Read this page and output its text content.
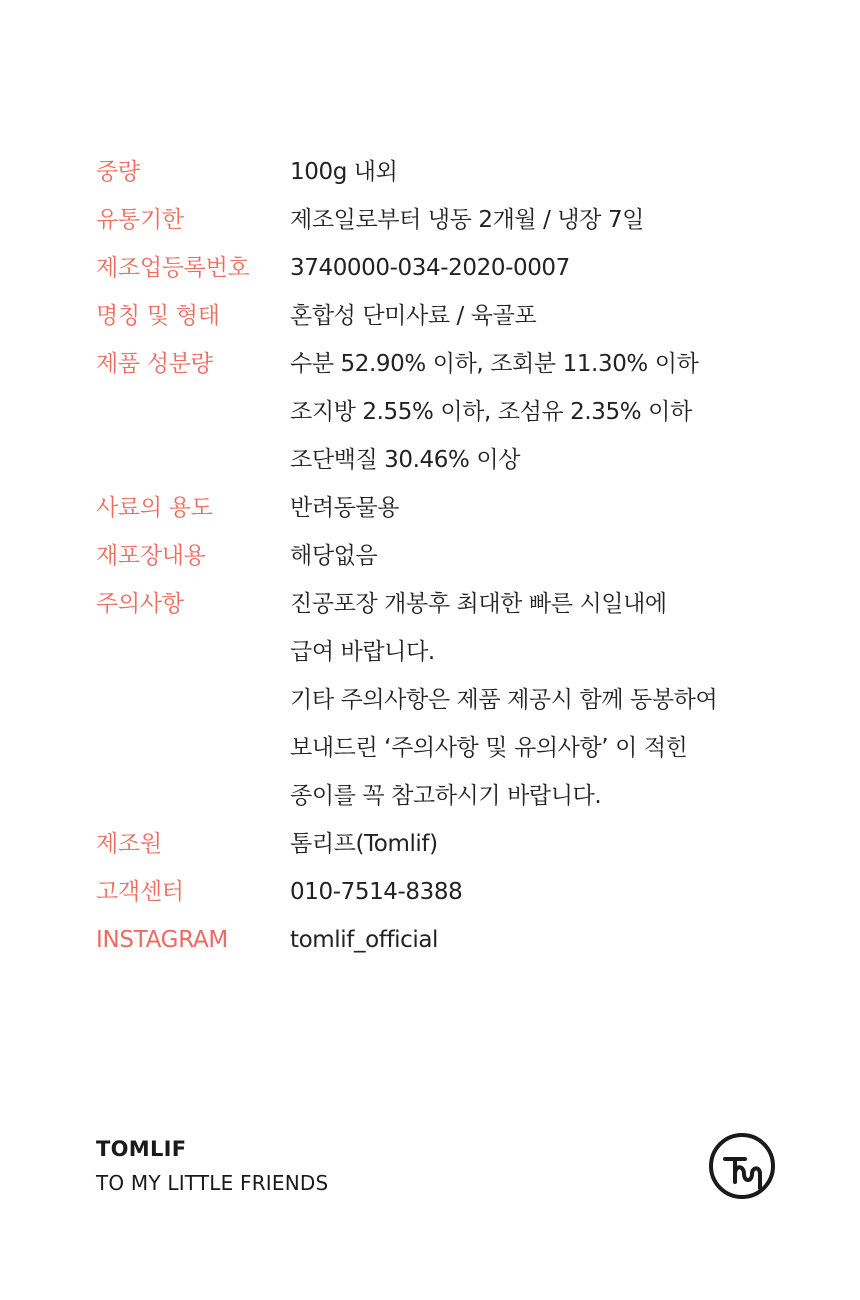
중량	100g 내외
유통기한	제조일로부터 냉동 2개월 / 냉장 7일
제조업등록번호	3740000-034-2020-0007
명칭 및 형태	혼합성 단미사료 / 육골포
제품 성분량	수분 52.90% 이하, 조회분 11.30% 이하
조지방 2.55% 이하, 조섬유 2.35% 이하
조단백질 30.46% 이상
사료의 용도	반려동물용
재포장내용	해당없음
주의사항	진공포장 개봉후 최대한 빠른 시일내에
급여 바랍니다.
기타 주의사항은 제품 제공시 함께 동봉하여
보내드린 ‘주의사항 및 유의사항’ 이 적힌
종이를 꼭 참고하시기 바랍니다.
제조원	톰리프(Tomlif)
고객센터	010-7514-8388
INSTAGRAM	tomlif_official
TOMLIF
TO MY LITTLE FRIENDS
